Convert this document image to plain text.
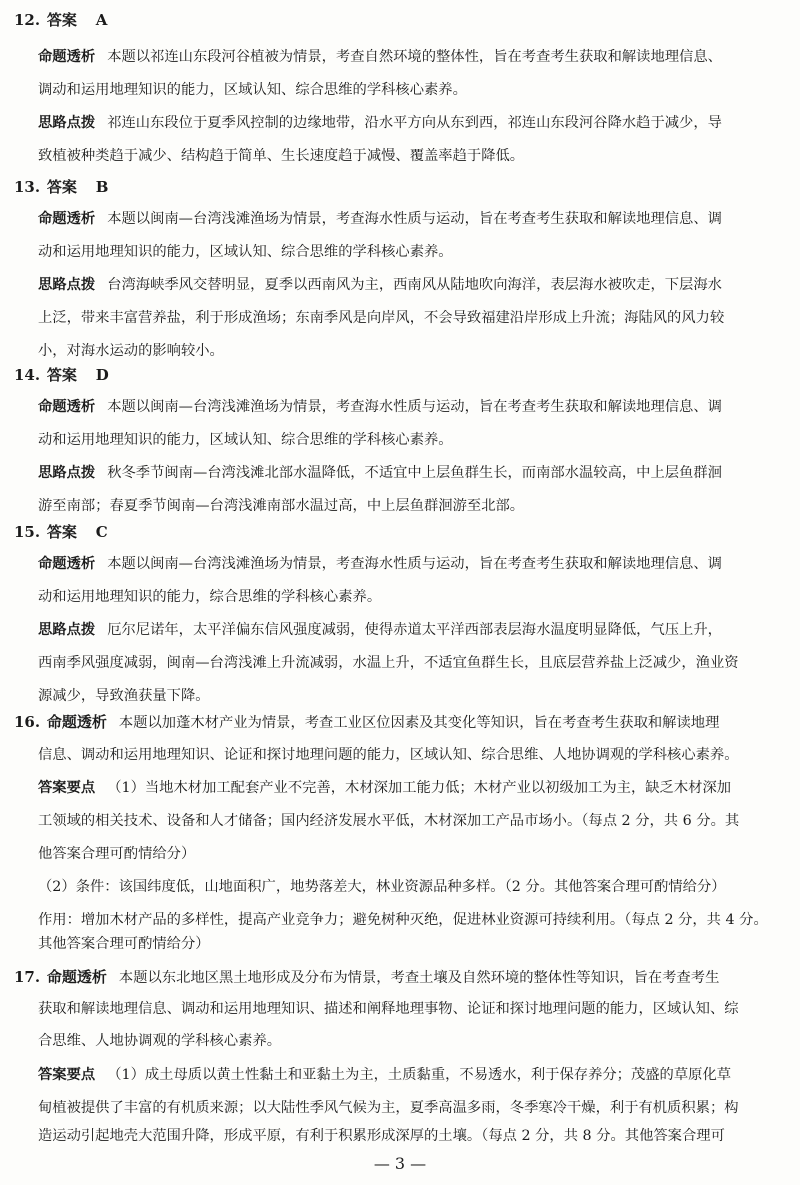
12. 答案 A
命题透析 本题以祁连山东段河谷植被为情景，考查自然环境的整体性，旨在考查考生获取和解读地理信息、
调动和运用地理知识的能力，区域认知、综合思维的学科核心素养。
思路点拨 祁连山东段位于夏季风控制的边缘地带，沿水平方向从东到西，祁连山东段河谷降水趋于减少，导
致植被种类趋于减少、结构趋于简单、生长速度趋于减慢、覆盖率趋于降低。
13. 答案 B
命题透析 本题以闽南—台湾浅滩渔场为情景，考查海水性质与运动，旨在考查考生获取和解读地理信息、调
动和运用地理知识的能力，区域认知、综合思维的学科核心素养。
思路点拨 台湾海峡季风交替明显，夏季以西南风为主，西南风从陆地吹向海洋，表层海水被吹走，下层海水
上泛，带来丰富营养盐，利于形成渔场；东南季风是向岸风，不会导致福建沿岸形成上升流；海陆风的风力较
小，对海水运动的影响较小。
14. 答案 D
命题透析 本题以闽南—台湾浅滩渔场为情景，考查海水性质与运动，旨在考查考生获取和解读地理信息、调
动和运用地理知识的能力，区域认知、综合思维的学科核心素养。
思路点拨 秋冬季节闽南—台湾浅滩北部水温降低，不适宜中上层鱼群生长，而南部水温较高，中上层鱼群洄
游至南部；春夏季节闽南—台湾浅滩南部水温过高，中上层鱼群洄游至北部。
15. 答案 C
命题透析 本题以闽南—台湾浅滩渔场为情景，考查海水性质与运动，旨在考查考生获取和解读地理信息、调
动和运用地理知识的能力，综合思维的学科核心素养。
思路点拨 厄尔尼诺年，太平洋偏东信风强度减弱，使得赤道太平洋西部表层海水温度明显降低，气压上升，
西南季风强度减弱，闽南—台湾浅滩上升流减弱，水温上升，不适宜鱼群生长，且底层营养盐上泛减少，渔业资
源减少，导致渔获量下降。
16. 命题透析 本题以加蓬木材产业为情景，考查工业区位因素及其变化等知识，旨在考查考生获取和解读地理
信息、调动和运用地理知识、论证和探讨地理问题的能力，区域认知、综合思维、人地协调观的学科核心素养。
答案要点 （1）当地木材加工配套产业不完善，木材深加工能力低；木材产业以初级加工为主，缺乏木材深加
工领域的相关技术、设备和人才储备；国内经济发展水平低，木材深加工产品市场小。（每点 2 分，共 6 分。其
他答案合理可酌情给分）
（2）条件：该国纬度低，山地面积广，地势落差大，林业资源品种多样。（2 分。其他答案合理可酌情给分）
作用：增加木材产品的多样性，提高产业竞争力；避免树种灭绝，促进林业资源可持续利用。（每点 2 分，共 4 分。
其他答案合理可酌情给分）
17. 命题透析 本题以东北地区黑土地形成及分布为情景，考查土壤及自然环境的整体性等知识，旨在考查考生
获取和解读地理信息、调动和运用地理知识、描述和阐释地理事物、论证和探讨地理问题的能力，区域认知、综
合思维、人地协调观的学科核心素养。
答案要点 （1）成土母质以黄土性黏土和亚黏土为主，土质黏重，不易透水，利于保存养分；茂盛的草原化草
甸植被提供了丰富的有机质来源；以大陆性季风气候为主，夏季高温多雨，冬季寒冷干燥，利于有机质积累；构
造运动引起地壳大范围升降，形成平原，有利于积累形成深厚的土壤。（每点 2 分，共 8 分。其他答案合理可
— 3 —
